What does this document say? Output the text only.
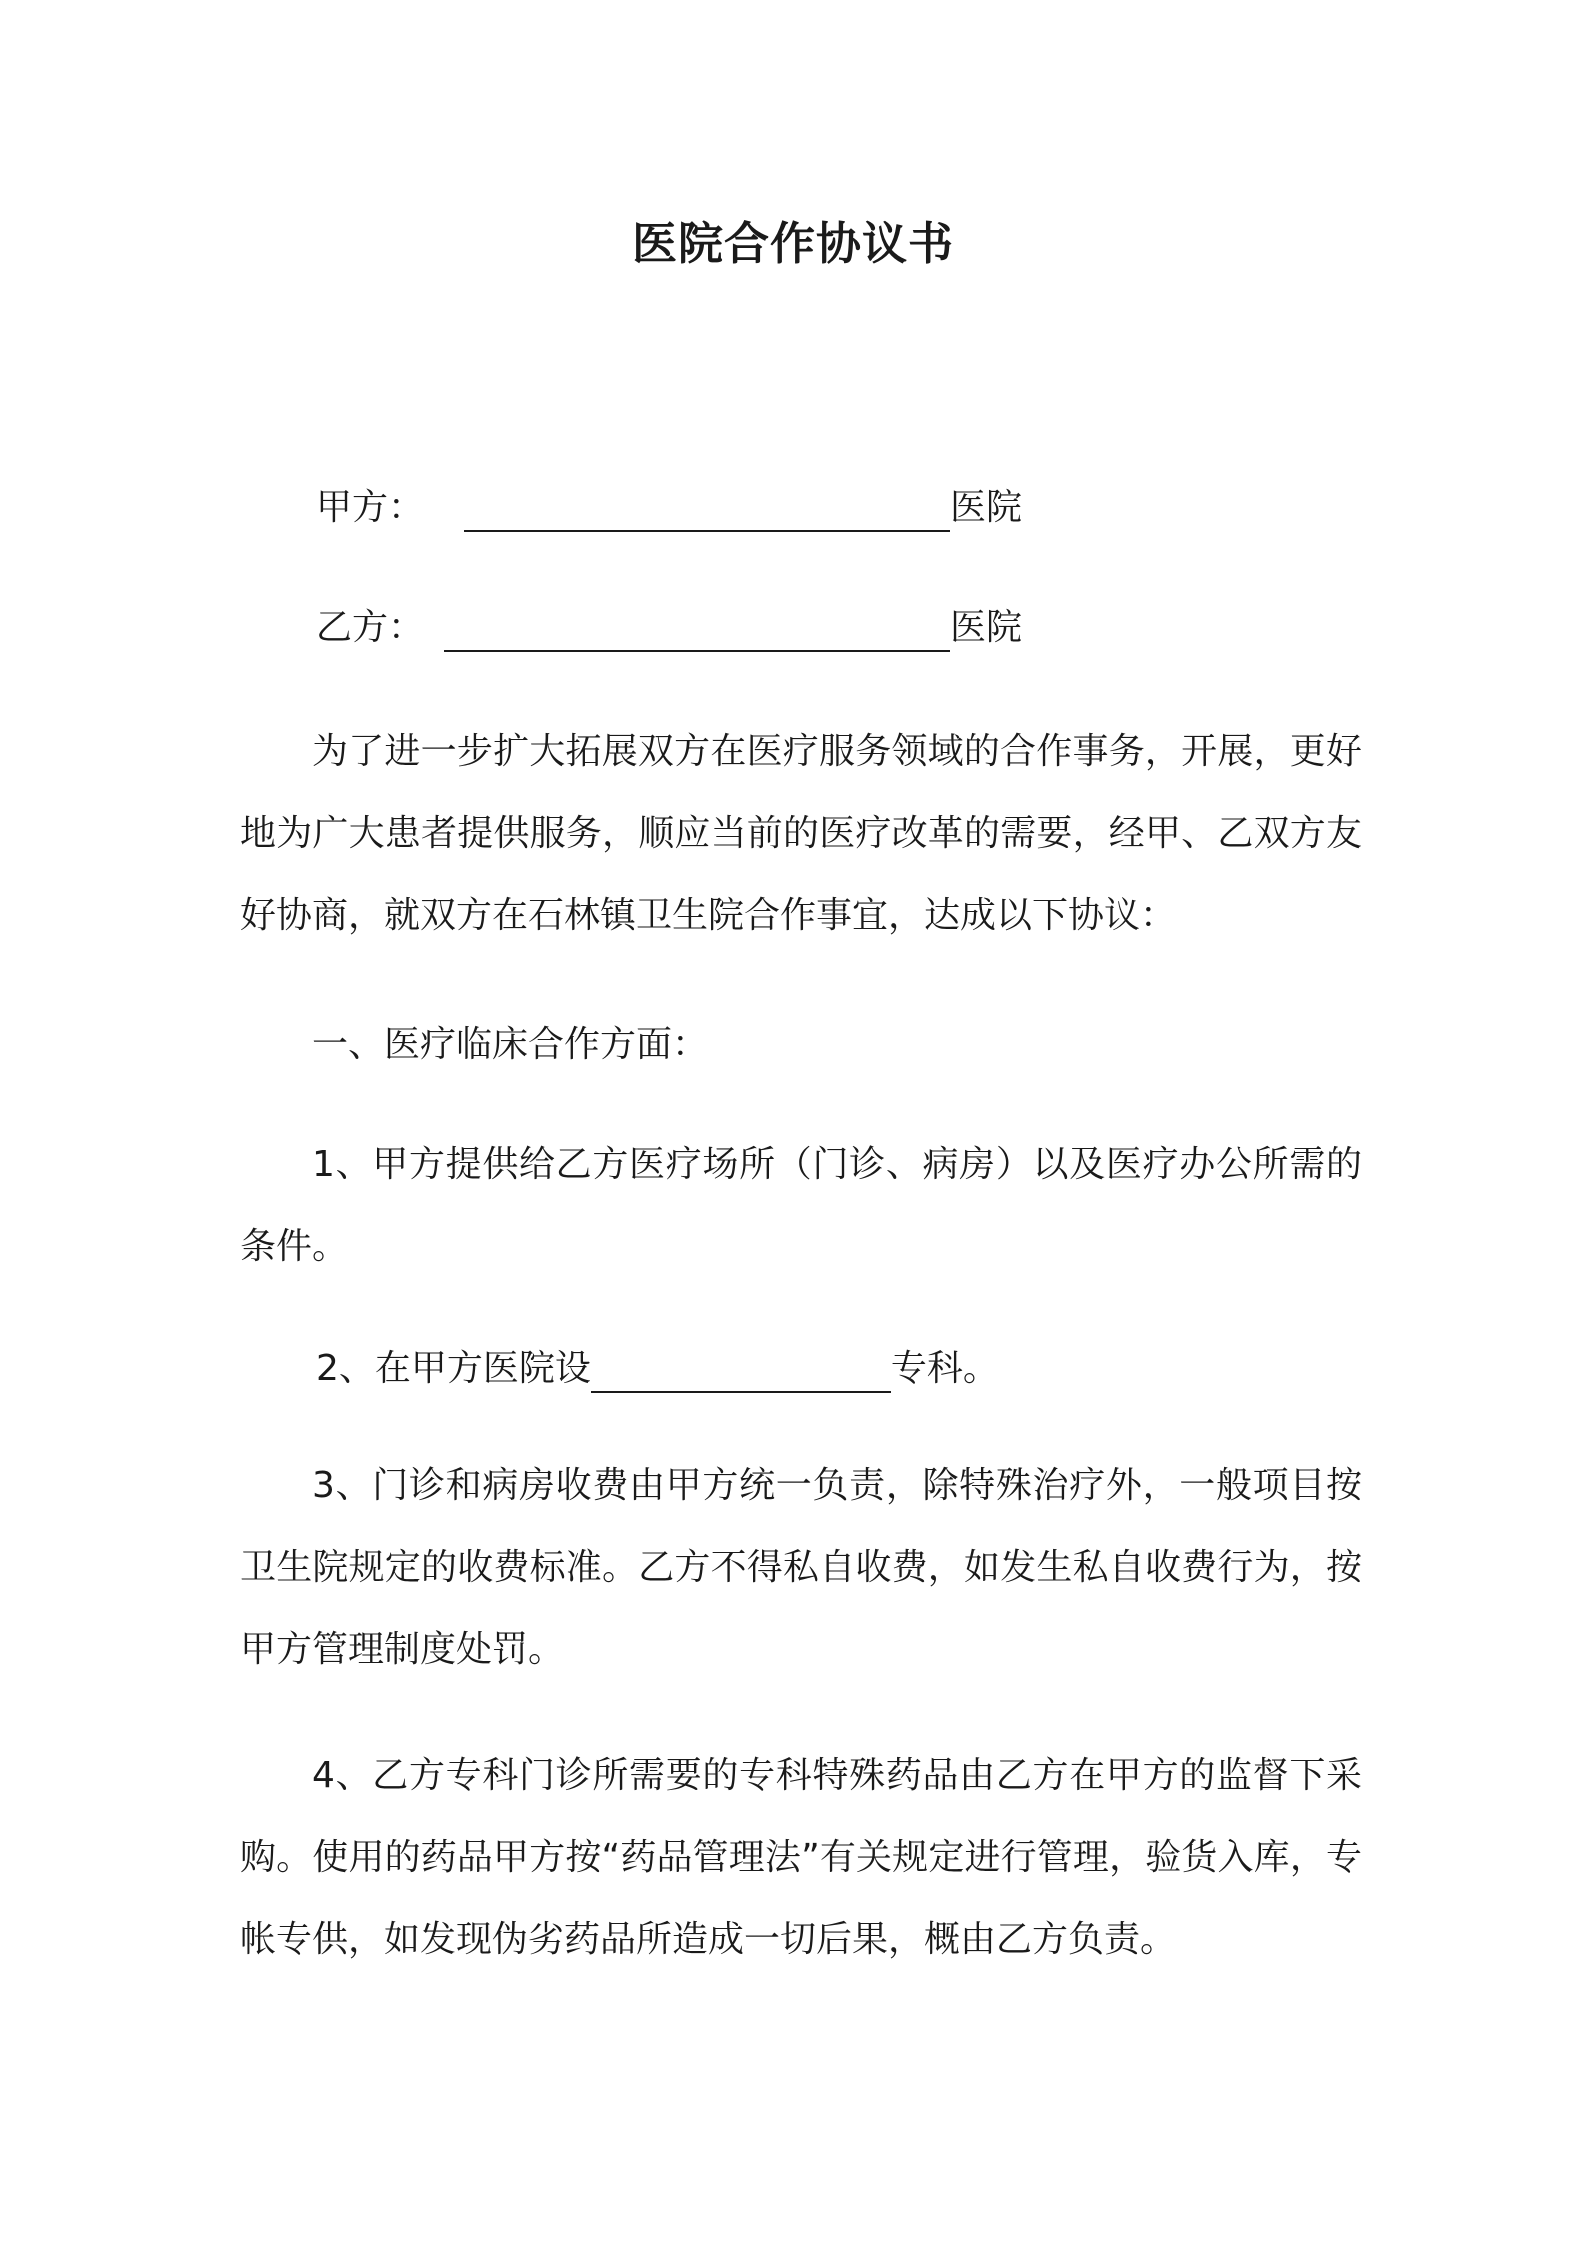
医院合作协议书
甲方：	医院
乙方：	医院
为了进一步扩大拓展双方在医疗服务领域的合作事务，开展，更好地为广大患者提供服务，顺应当前的医疗改革的需要，经甲、乙双方友好协商，就双方在石林镇卫生院合作事宜，达成以下协议：
一、医疗临床合作方面：
1、甲方提供给乙方医疗场所（门诊、病房）以及医疗办公所需的条件。
2、在甲方医院设	专科。
3、门诊和病房收费由甲方统一负责，除特殊治疗外，一般项目按卫生院规定的收费标准。乙方不得私自收费，如发生私自收费行为，按甲方管理制度处罚。
4、乙方专科门诊所需要的专科特殊药品由乙方在甲方的监督下采购。使用的药品甲方按“药品管理法”有关规定进行管理，验货入库，专帐专供，如发现伪劣药品所造成一切后果，概由乙方负责。
